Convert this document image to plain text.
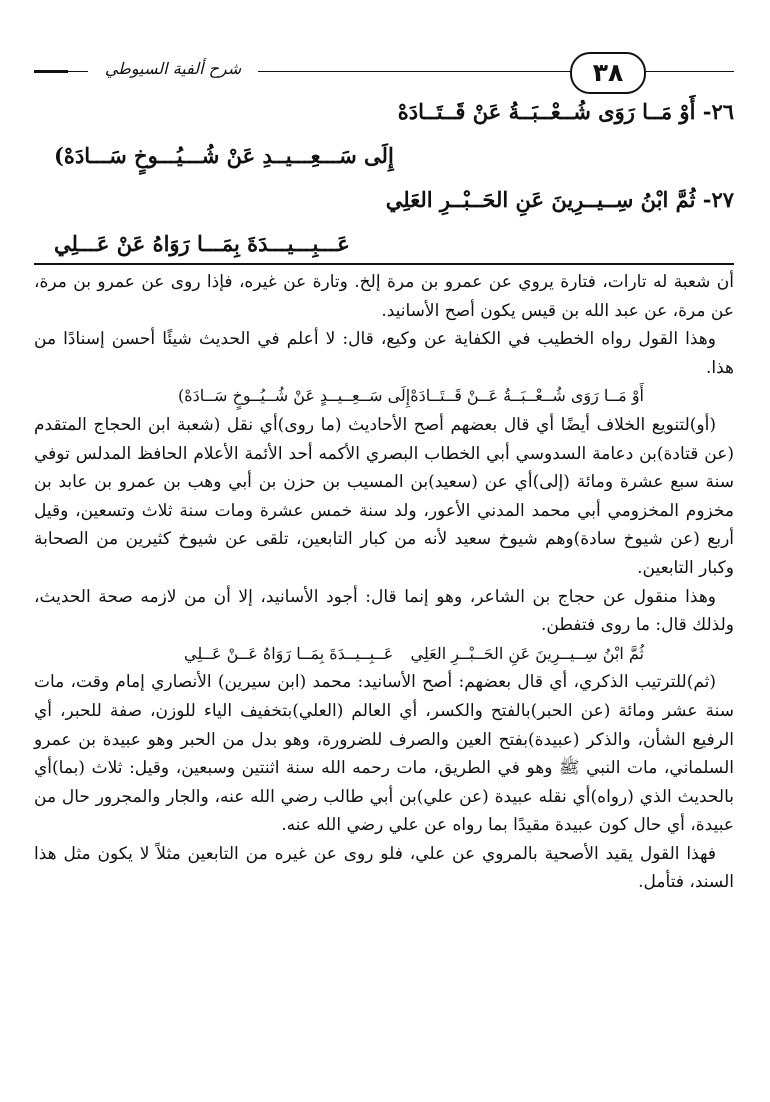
شرح ألفية السيوطي	٣٨
٢٦- أَوْ مَــا رَوَى شُــعْــبَــةُ عَنْ قَــتَــادَهْ
إِلَى سَـــعِـــيــدِ عَنْ شُـــيُـــوخٍ سَـــادَهْ)
٢٧- ثُمَّ ابْنُ سِــيــرِينَ عَنِ الحَــبْــرِ العَلِي
عَـــبِـــيـــدَةَ بِمَـــا رَوَاهُ عَنْ عَـــلِي

أن شعبة له تارات، فتارة يروي عن عمرو بن مرة إلخ. وتارة عن غيره، فإذا روى عن عمرو بن مرة، عن مرة، عن عبد الله بن قيس يكون أصح الأسانيد.

وهذا القول رواه الخطيب في الكفاية عن وكيع، قال: لا أعلم في الحديث شيئًا أحسن إسنادًا من هذا.

أَوْ مَــا رَوَى شُــعْــبَــةُ عَــنْ قَــتَــادَهْ
إِلَى سَــعِــيــدٍ عَنْ شُــيُــوخٍ سَــادَهْ)

(أو)لتنويع الخلاف أيضًا أي قال بعضهم أصح الأحاديث (ما روى)أي نقل (شعبة ابن الحجاج المتقدم (عن قتادة)بن دعامة السدوسي أبي الخطاب البصري الأكمه أحد الأئمة الأعلام الحافظ المدلس توفي سنة سبع عشرة ومائة (إلى)أي عن (سعيد)بن المسيب بن حزن بن أبي وهب بن عمرو بن عابد بن مخزوم المخزومي أبي محمد المدني الأعور، ولد سنة خمس عشرة ومات سنة ثلاث وتسعين، وقيل أربع (عن شيوخ سادة)وهم شيوخ سعيد لأنه من كبار التابعين، تلقى عن شيوخ كثيرين من الصحابة وكبار التابعين.

وهذا منقول عن حجاج بن الشاعر، وهو إنما قال: أجود الأسانيد، إلا أن من لازمه صحة الحديث، ولذلك قال: ما روى فتفطن.

ثُمَّ ابْنُ سِــيــرِينَ عَنِ الحَــبْــرِ العَلِي
عَــبِــيــدَةَ بِمَــا رَوَاهُ عَــنْ عَــلِي

(ثم)للترتيب الذكري، أي قال بعضهم: أصح الأسانيد: محمد (ابن سيرين) الأنصاري إمام وقت، مات سنة عشر ومائة (عن الحبر)بالفتح والكسر، أي العالم (العلي)بتخفيف الياء للوزن، صفة للحبر، أي الرفيع الشأن، والذكر (عبيدة)بفتح العين والصرف للضرورة، وهو بدل من الحبر وهو عبيدة بن عمرو السلماني، مات النبي ﷺ وهو في الطريق، مات رحمه الله سنة اثنتين وسبعين، وقيل: ثلاث (بما)أي بالحديث الذي (رواه)أي نقله عبيدة (عن علي)بن أبي طالب رضي الله عنه، والجار والمجرور حال من عبيدة، أي حال كون عبيدة مقيدًا بما رواه عن علي رضي الله عنه.

فهذا القول يقيد الأصحية بالمروي عن علي، فلو روى عن غيره من التابعين مثلاً لا يكون مثل هذا السند، فتأمل.
